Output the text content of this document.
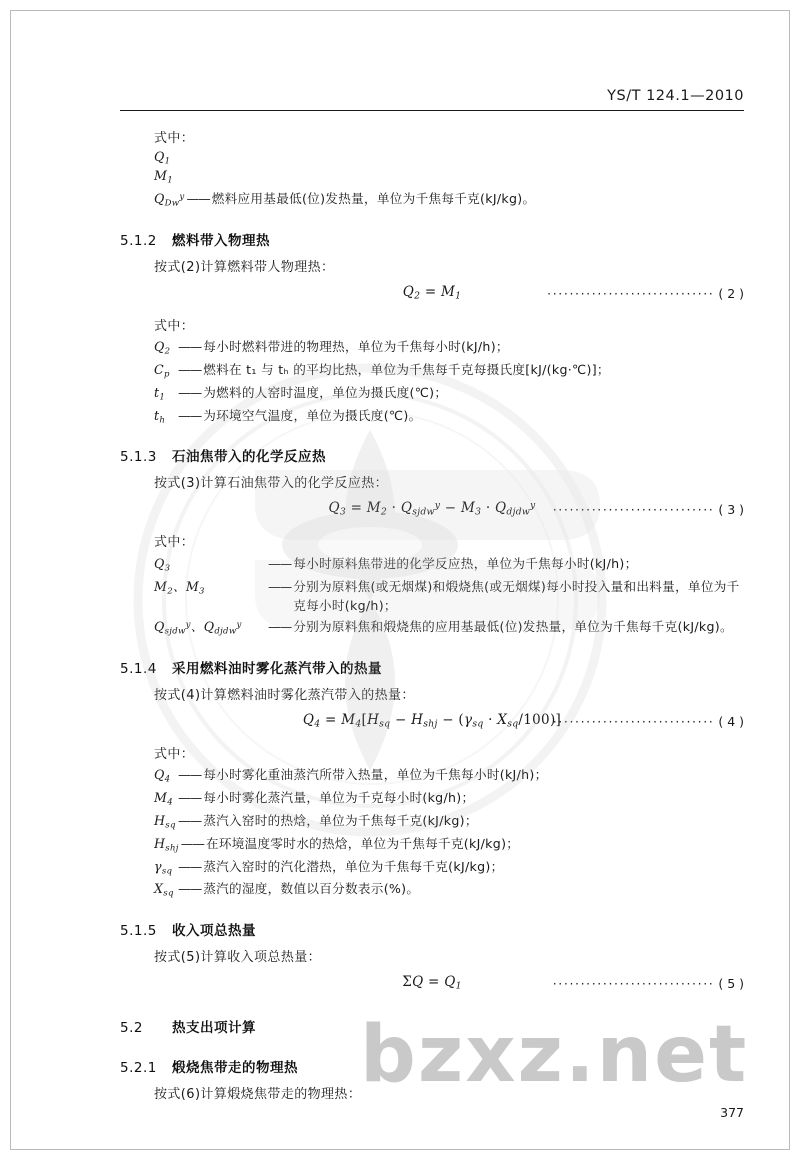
bzxz.net
YS/T 124.1—2010
式中：
$Q_1$
$M_1$
$Q_{Dw}^y$ —— 燃料应用基最低(位)发热量，单位为千焦每千克(kJ/kg)。
5.1.2 燃料带入物理热
按式(2)计算燃料带人物理热：
$Q_2 = M_1$	······························ ( 2 )
式中：
$Q_2$ —— 每小时燃料带进的物理热，单位为千焦每小时(kJ/h)；
$C_p$ —— 燃料在 t₁ 与 tₕ 的平均比热，单位为千焦每千克每摄氏度[kJ/(kg·℃)]；
$t_1$	—— 为燃料的人窑时温度，单位为摄氏度(℃)；
$t_h$	—— 为环境空气温度，单位为摄氏度(℃)。
5.1.3 石油焦带入的化学反应热
按式(3)计算石油焦带入的化学反应热：
$Q_3 = M_2 \cdot Q_{sjdw}^y - M_3 \cdot Q_{djdw}^y$	····························· ( 3 )
式中：
$Q_3$	—— 每小时原料焦带进的化学反应热，单位为千焦每小时(kJ/h)；
$M_2$、$M_3$	—— 分别为原料焦(或无烟煤)和煅烧焦(或无烟煤)每小时投入量和出料量，单位为千克每小时(kg/h)；
$Q_{sjdw}^y$、$Q_{djdw}^y$	—— 分别为原料焦和煅烧焦的应用基最低(位)发热量，单位为千焦每千克(kJ/kg)。
5.1.4 采用燃料油时雾化蒸汽带入的热量
按式(4)计算燃料油时雾化蒸汽带入的热量：
$Q_4 = M_4[H_{sq} - H_{shj} - (\gamma_{sq} \cdot X_{sq}/100)]$
····························· ( 4 )
式中：
$Q_4$ —— 每小时雾化重油蒸汽所带入热量，单位为千焦每小时(kJ/h)；
$M_4$ —— 每小时雾化蒸汽量，单位为千克每小时(kg/h)；
$H_{sq}$ —— 蒸汽入窑时的热焓，单位为千焦每千克(kJ/kg)；
$H_{shj}$ —— 在环境温度零时水的热焓，单位为千焦每千克(kJ/kg)；
$\gamma_{sq}$ —— 蒸汽入窑时的汽化潜热，单位为千焦每千克(kJ/kg)；
$X_{sq}$ —— 蒸汽的湿度，数值以百分数表示(%)。
5.1.5 收入项总热量
按式(5)计算收入项总热量：
$\Sigma Q = Q_1$	····························· ( 5 )
5.2 热支出项计算
5.2.1 煅烧焦带走的物理热
按式(6)计算煅烧焦带走的物理热：
377
